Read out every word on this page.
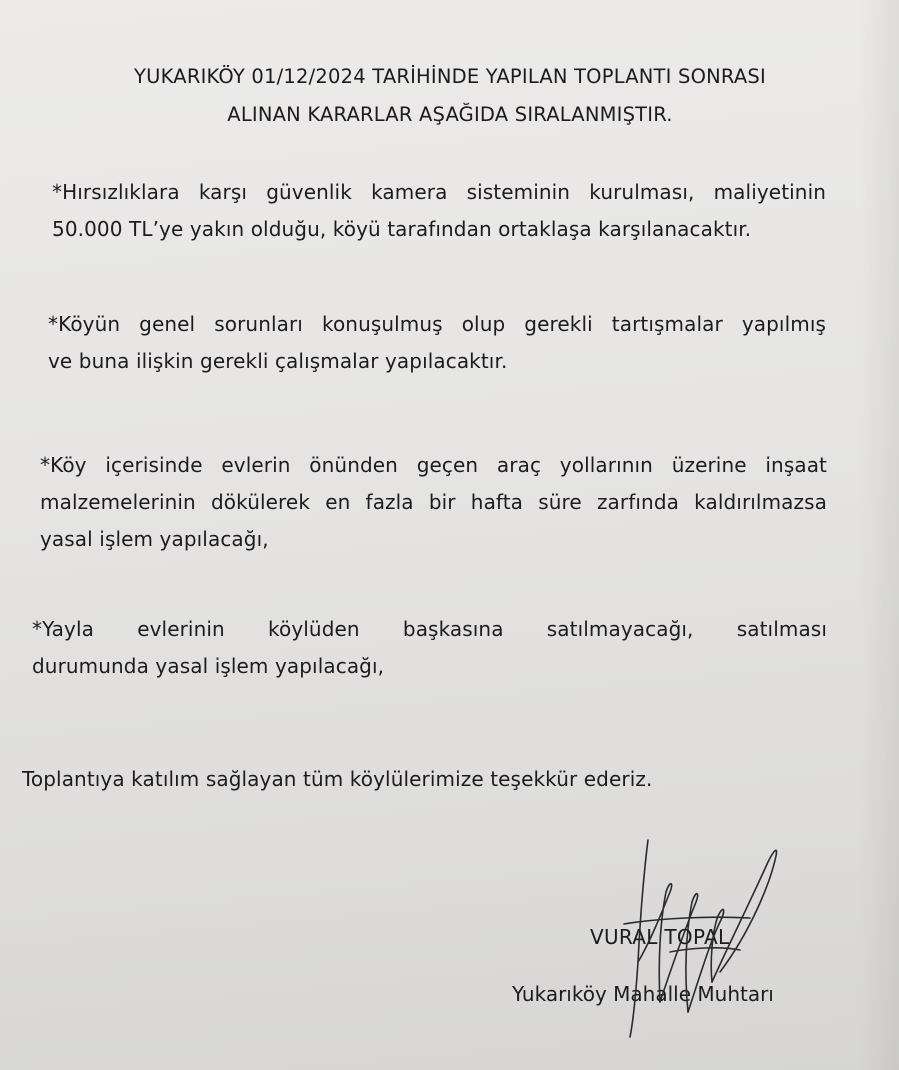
YUKARIKÖY 01/12/2024 TARİHİNDE YAPILAN TOPLANTI SONRASI
ALINAN KARARLAR AŞAĞIDA SIRALANMIŞTIR.
*Hırsızlıklara karşı güvenlik kamera sisteminin kurulması, maliyetinin
50.000 TL’ye yakın olduğu, köyü tarafından ortaklaşa karşılanacaktır.
*Köyün genel sorunları konuşulmuş olup gerekli tartışmalar yapılmış
ve buna ilişkin gerekli çalışmalar yapılacaktır.
*Köy içerisinde evlerin önünden geçen araç yollarının üzerine inşaat
malzemelerinin dökülerek en fazla bir hafta süre zarfında kaldırılmazsa
yasal işlem yapılacağı,
*Yayla evlerinin köylüden başkasına satılmayacağı, satılması
durumunda yasal işlem yapılacağı,
Toplantıya katılım sağlayan tüm köylülerimize teşekkür ederiz.
VURAL TOPAL
Yukarıköy Mahalle Muhtarı
